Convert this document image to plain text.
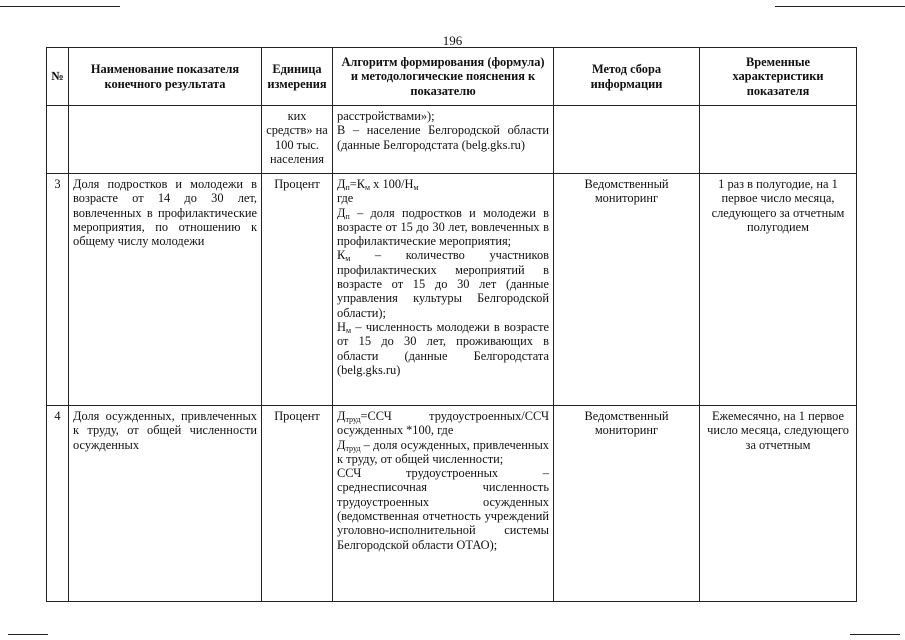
196
№	Наименование показателя конечного результата	Единица измерения	Алгоритм формирования (формула) и методологические пояснения к показателю	Метод сбора информации	Временные характеристики показателя
		ких средств» на 100 тыс. населения	расстройствами»);
В – население Белгородской области (данные Белгородстата (belg.gks.ru)		

3	Доля подростков и молодежи в возрасте от 14 до 30 лет, вовлеченных в профилактические мероприятия, по отношению к общему числу молодежи	Процент	$Д_п=К_м$ х $100/Н_м$
где
$Д_п$ – доля подростков и молодежи в возрасте от 15 до 30 лет, вовлеченных в профилактические мероприятия;
$К_м$ – количество участников профилактических мероприятий в возрасте от 15 до 30 лет (данные управления культуры Белгородской области);
$Н_м$ – численность молодежи в возрасте от 15 до 30 лет, проживающих в области (данные Белгородстата (belg.gks.ru)	Ведомственный мониторинг	1 раз в полугодие, на 1 первое число месяца, следующего за отчетным полугодием
4	Доля осужденных, привлеченных к труду, от общей численности осужденных	Процент	$Д_{труд}=ССЧ$ трудоустроенных/ССЧ осужденных *100, где
$Д_{труд}$ – доля осужденных, привлеченных к труду, от общей численности;
ССЧ трудоустроенных – среднесписочная численность трудоустроенных осужденных (ведомственная отчетность учреждений уголовно-исполнительной системы Белгородской области ОТАО);	Ведомственный мониторинг	Ежемесячно, на 1 первое число месяца, следующего за отчетным
